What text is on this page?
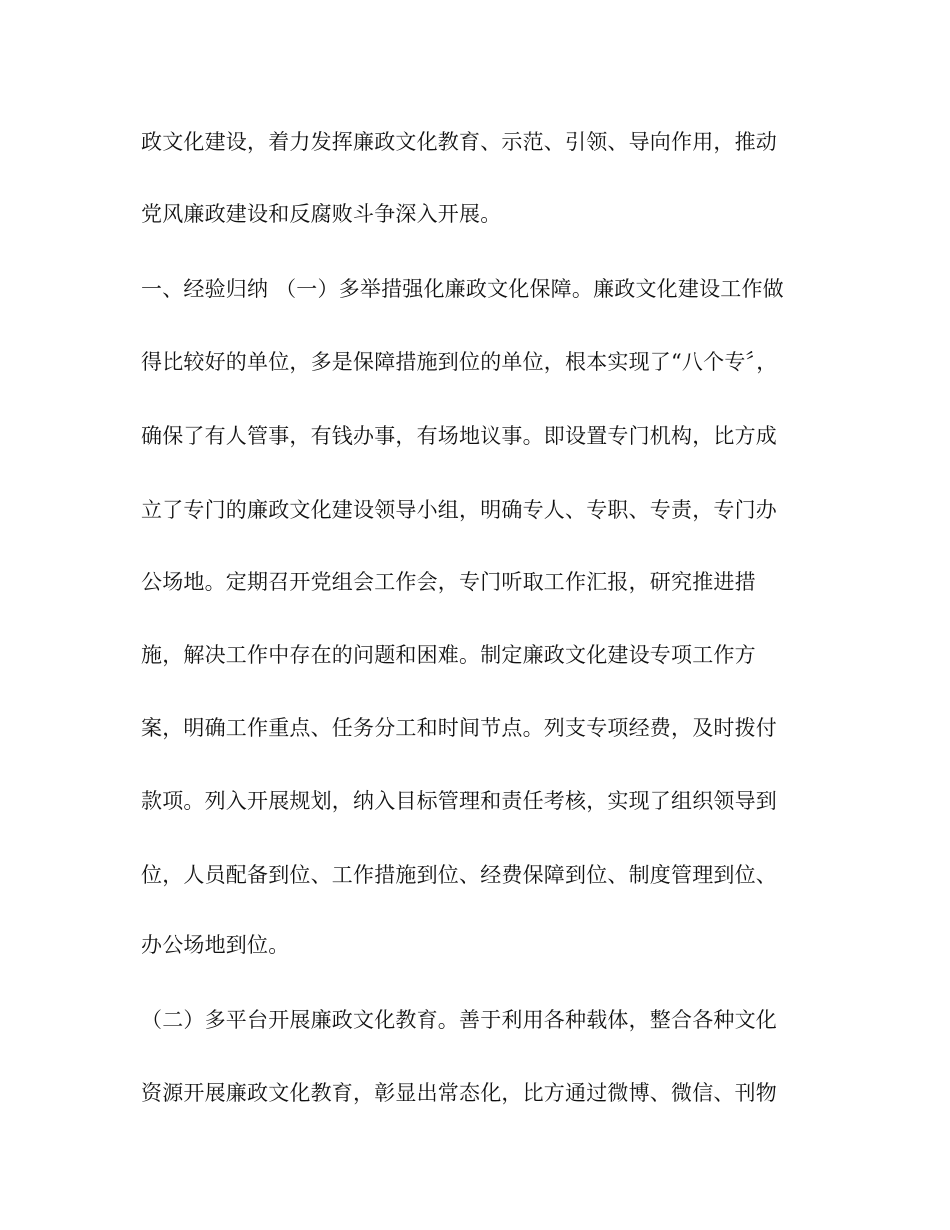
政文化建设，着力发挥廉政文化教育、示范、引领、导向作用，推动
党风廉政建设和反腐败斗争深入开展。
一、经验归纳 （一）多举措强化廉政文化保障。廉政文化建设工作做
得比较好的单位，多是保障措施到位的单位，根本实现了“八个专〞，
确保了有人管事，有钱办事，有场地议事。即设置专门机构，比方成
立了专门的廉政文化建设领导小组，明确专人、专职、专责，专门办
公场地。定期召开党组会工作会，专门听取工作汇报，研究推进措
施，解决工作中存在的问题和困难。制定廉政文化建设专项工作方
案，明确工作重点、任务分工和时间节点。列支专项经费，及时拨付
款项。列入开展规划，纳入目标管理和责任考核，实现了组织领导到
位，人员配备到位、工作措施到位、经费保障到位、制度管理到位、
办公场地到位。
（二）多平台开展廉政文化教育。善于利用各种载体，整合各种文化
资源开展廉政文化教育，彰显出常态化，比方通过微博、微信、刊物
